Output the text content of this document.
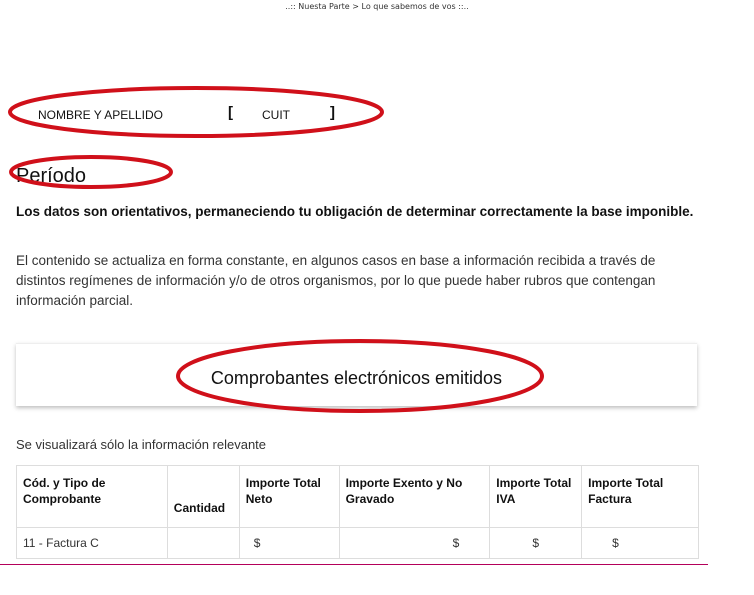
..:: Nuesta Parte > Lo que sabemos de vos ::..
NOMBRE Y APELLIDO	[ CUIT	]
Período
Los datos son orientativos, permaneciendo tu obligación de determinar correctamente la base imponible.
El contenido se actualiza en forma constante, en algunos casos en base a información recibida a través de distintos regímenes de información y/o de otros organismos, por lo que puede haber rubros que contengan información parcial.
Comprobantes electrónicos emitidos
Se visualizará sólo la información relevante
Cód. y Tipo de Comprobante	Cantidad	Importe Total Neto	Importe Exento y No Gravado	Importe Total IVA	Importe Total Factura
11 - Factura C		$	$	$	$
